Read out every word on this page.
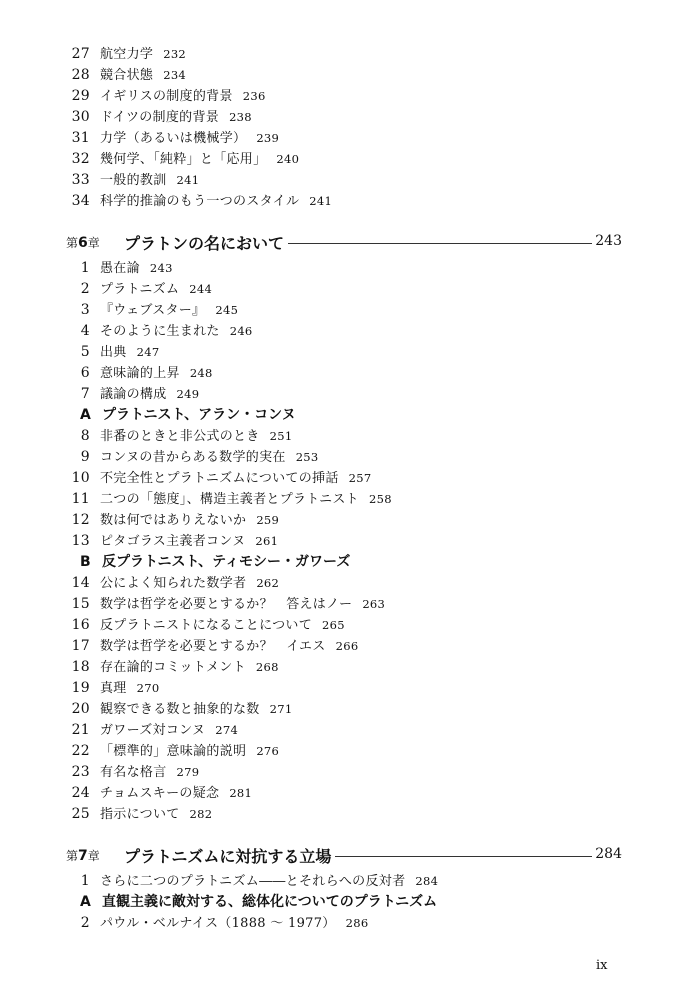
27 航空力学 232
28 競合状態 234
29 イギリスの制度的背景 236
30 ドイツの制度的背景 238
31 力学（あるいは機械学） 239
32 幾何学、「純粋」と「応用」 240
33 一般的教訓 241
34 科学的推論のもう一つのスタイル 241
第6章 プラトンの名において	243
1 愚在論 243
2 プラトニズム 244
3 『ウェブスター』 245
4 そのように生まれた 246
5 出典 247
6 意味論的上昇 248
7 議論の構成 249
A プラトニスト、アラン・コンヌ
8 非番のときと非公式のとき 251
9 コンヌの昔からある数学的実在 253
10 不完全性とプラトニズムについての挿話 257
11 二つの「態度」、構造主義者とプラトニスト 258
12 数は何ではありえないか 259
13 ピタゴラス主義者コンヌ 261
B 反プラトニスト、ティモシー・ガワーズ
14 公によく知られた数学者 262
15 数学は哲学を必要とするか？　答えはノー 263
16 反プラトニストになることについて 265
17 数学は哲学を必要とするか？　イエス 266
18 存在論的コミットメント 268
19 真理 270
20 観察できる数と抽象的な数 271
21 ガワーズ対コンヌ 274
22 「標準的」意味論的説明 276
23 有名な格言 279
24 チョムスキーの疑念 281
25 指示について 282
第7章 プラトニズムに対抗する立場	284
1 さらに二つのプラトニズム――とそれらへの反対者 284
A 直観主義に敵対する、総体化についてのプラトニズム
2 パウル・ベルナイス（1888 ～ 1977） 286
ix
